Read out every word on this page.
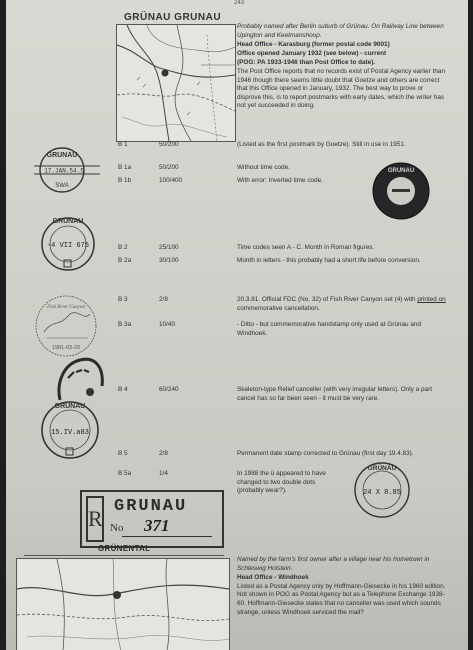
243
GRÜNAU GRUNAU

Probably named after Berlin suburb of Grünau. On Railway Line between Upington and Keetmanshoop.

Head Office - Karasburg (former postal code 9001)

Office opened January 1932 (see below) - current

(POG: PA 1933-1946 than Post Office to date).

The Post Office reports that no records exist of Postal Agency earlier than 1946 though there seems little doubt that Goetze and others are correct that this Office opened in January, 1932. The best way to prove or disprove this, is to report postmarks with early dates, which the writer has not yet succeeded in doing.

B 1	50/200	(Listed as the first postmark by Goetze). Still in use in 1951.
B 1a	50/200	Without time code.
B 1b	100/400	With error: Inverted time code.
B 2	25/100	Time codes seen A - C. Month in Roman figures.
B 2a	30/100	Month in letters - this probably had a short life before conversion.
B 3	2/8	20.3.81. Official FDC (No. 32) of Fish River Canyon set (4) with printed on commemorative cancellation.
B 3a	10/40	- Ditto - but commemorative handstamp only used at Grünau and Windhoek.
B 4	60/240	Skeleton-type Relief canceller (with very irregular letters). Only a part cancel has so far been seen - it must be very rare.
B 5	2/8	Permanent date stamp corrected to Grünau (first day 19.4.83).
B 5a	1/4	In 1988 the ü appeared to have changed to two double dots (probably wear?).
GRUNAU
17.JAN.54.5
SWA
GRUNAU
GRUNAU
-4 VII 675
Fish River Canyon
1981-03-20
GRÜNAU
15.IV.a83
GRÜNAU
24 X 8.85
R GRUNAU
No 371
GRÜNENTAL

Named by the farm's first owner after a village near his hometown in Schleswig Holstein.

Head Office - Windhoek

Listed as a Postal Agency only by Hoffmann-Giesecke in his 1960 edition. Not shown in POG as Postal Agency but as a Telephone Exchange 1938-60. Hoffmann-Giesecke states that no canceller was used which sounds strange, unless Windhoek serviced the mail?
